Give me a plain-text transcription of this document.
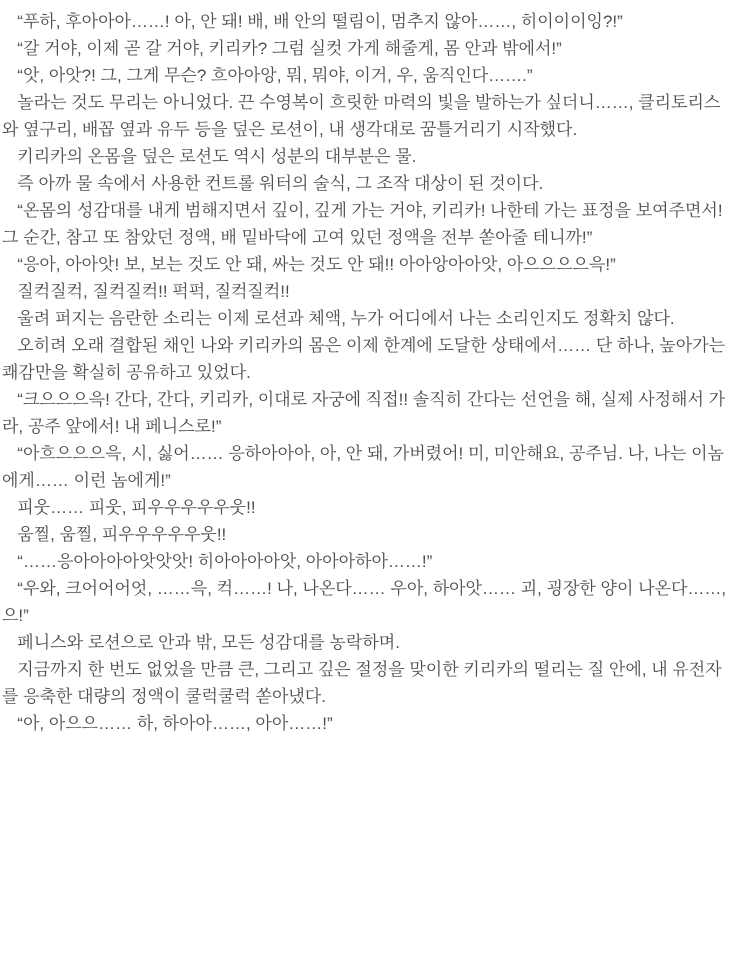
“푸하, 후아아아……! 아, 안 돼! 배, 배 안의 떨림이, 멈추지 않아……, 히이이이잉?!”

“갈 거야, 이제 곧 갈 거야, 키리카? 그럼 실컷 가게 해줄게, 몸 안과 밖에서!”

“앗, 아앗?! 그, 그게 무슨? 흐아아앙, 뭐, 뭐야, 이거, 우, 움직인다…….”

놀라는 것도 무리는 아니었다. 끈 수영복이 흐릿한 마력의 빛을 발하는가 싶더니……, 클리토리스와 옆구리, 배꼽 옆과 유두 등을 덮은 로션이, 내 생각대로 꿈틀거리기 시작했다.

키리카의 온몸을 덮은 로션도 역시 성분의 대부분은 물.

즉 아까 물 속에서 사용한 컨트롤 워터의 술식, 그 조작 대상이 된 것이다.

“온몸의 성감대를 내게 범해지면서 깊이, 깊게 가는 거야, 키리카! 나한테 가는 표정을 보여주면서! 그 순간, 참고 또 참았던 정액, 배 밑바닥에 고여 있던 정액을 전부 쏟아줄 테니까!”

“응아, 아아앗! 보, 보는 것도 안 돼, 싸는 것도 안 돼!! 아아앙아아앗, 아으으으으윽!”

질컥질컥, 질컥질컥!! 퍽퍽, 질컥질컥!!

울려 퍼지는 음란한 소리는 이제 로션과 체액, 누가 어디에서 나는 소리인지도 정확치 않다.

오히려 오래 결합된 채인 나와 키리카의 몸은 이제 한계에 도달한 상태에서…… 단 하나, 높아가는 쾌감만을 확실히 공유하고 있었다.

“크으으으윽! 간다, 간다, 키리카, 이대로 자궁에 직접!! 솔직히 간다는 선언을 해, 실제 사정해서 가라, 공주 앞에서! 내 페니스로!”

“아흐으으으윽, 시, 싫어…… 응하아아아, 아, 안 돼, 가버렸어! 미, 미안해요, 공주님. 나, 나는 이놈에게…… 이런 놈에게!”

피웃…… 피웃, 피우우우우우웃!!

움찔, 움찔, 피우우우우우웃!!

“……응아아아아앗앗앗! 히아아아아앗, 아아아하아……!”

“우와, 크어어어엇, ……윽, 컥……! 나, 나온다…… 우아, 하아앗…… 괴, 굉장한 양이 나온다……, 으!”

페니스와 로션으로 안과 밖, 모든 성감대를 농락하며.

지금까지 한 번도 없었을 만큼 큰, 그리고 깊은 절정을 맞이한 키리카의 떨리는 질 안에, 내 유전자를 응축한 대량의 정액이 쿨럭쿨럭 쏟아냈다.

“아, 아으으…… 하, 하아아……, 아아……!”
